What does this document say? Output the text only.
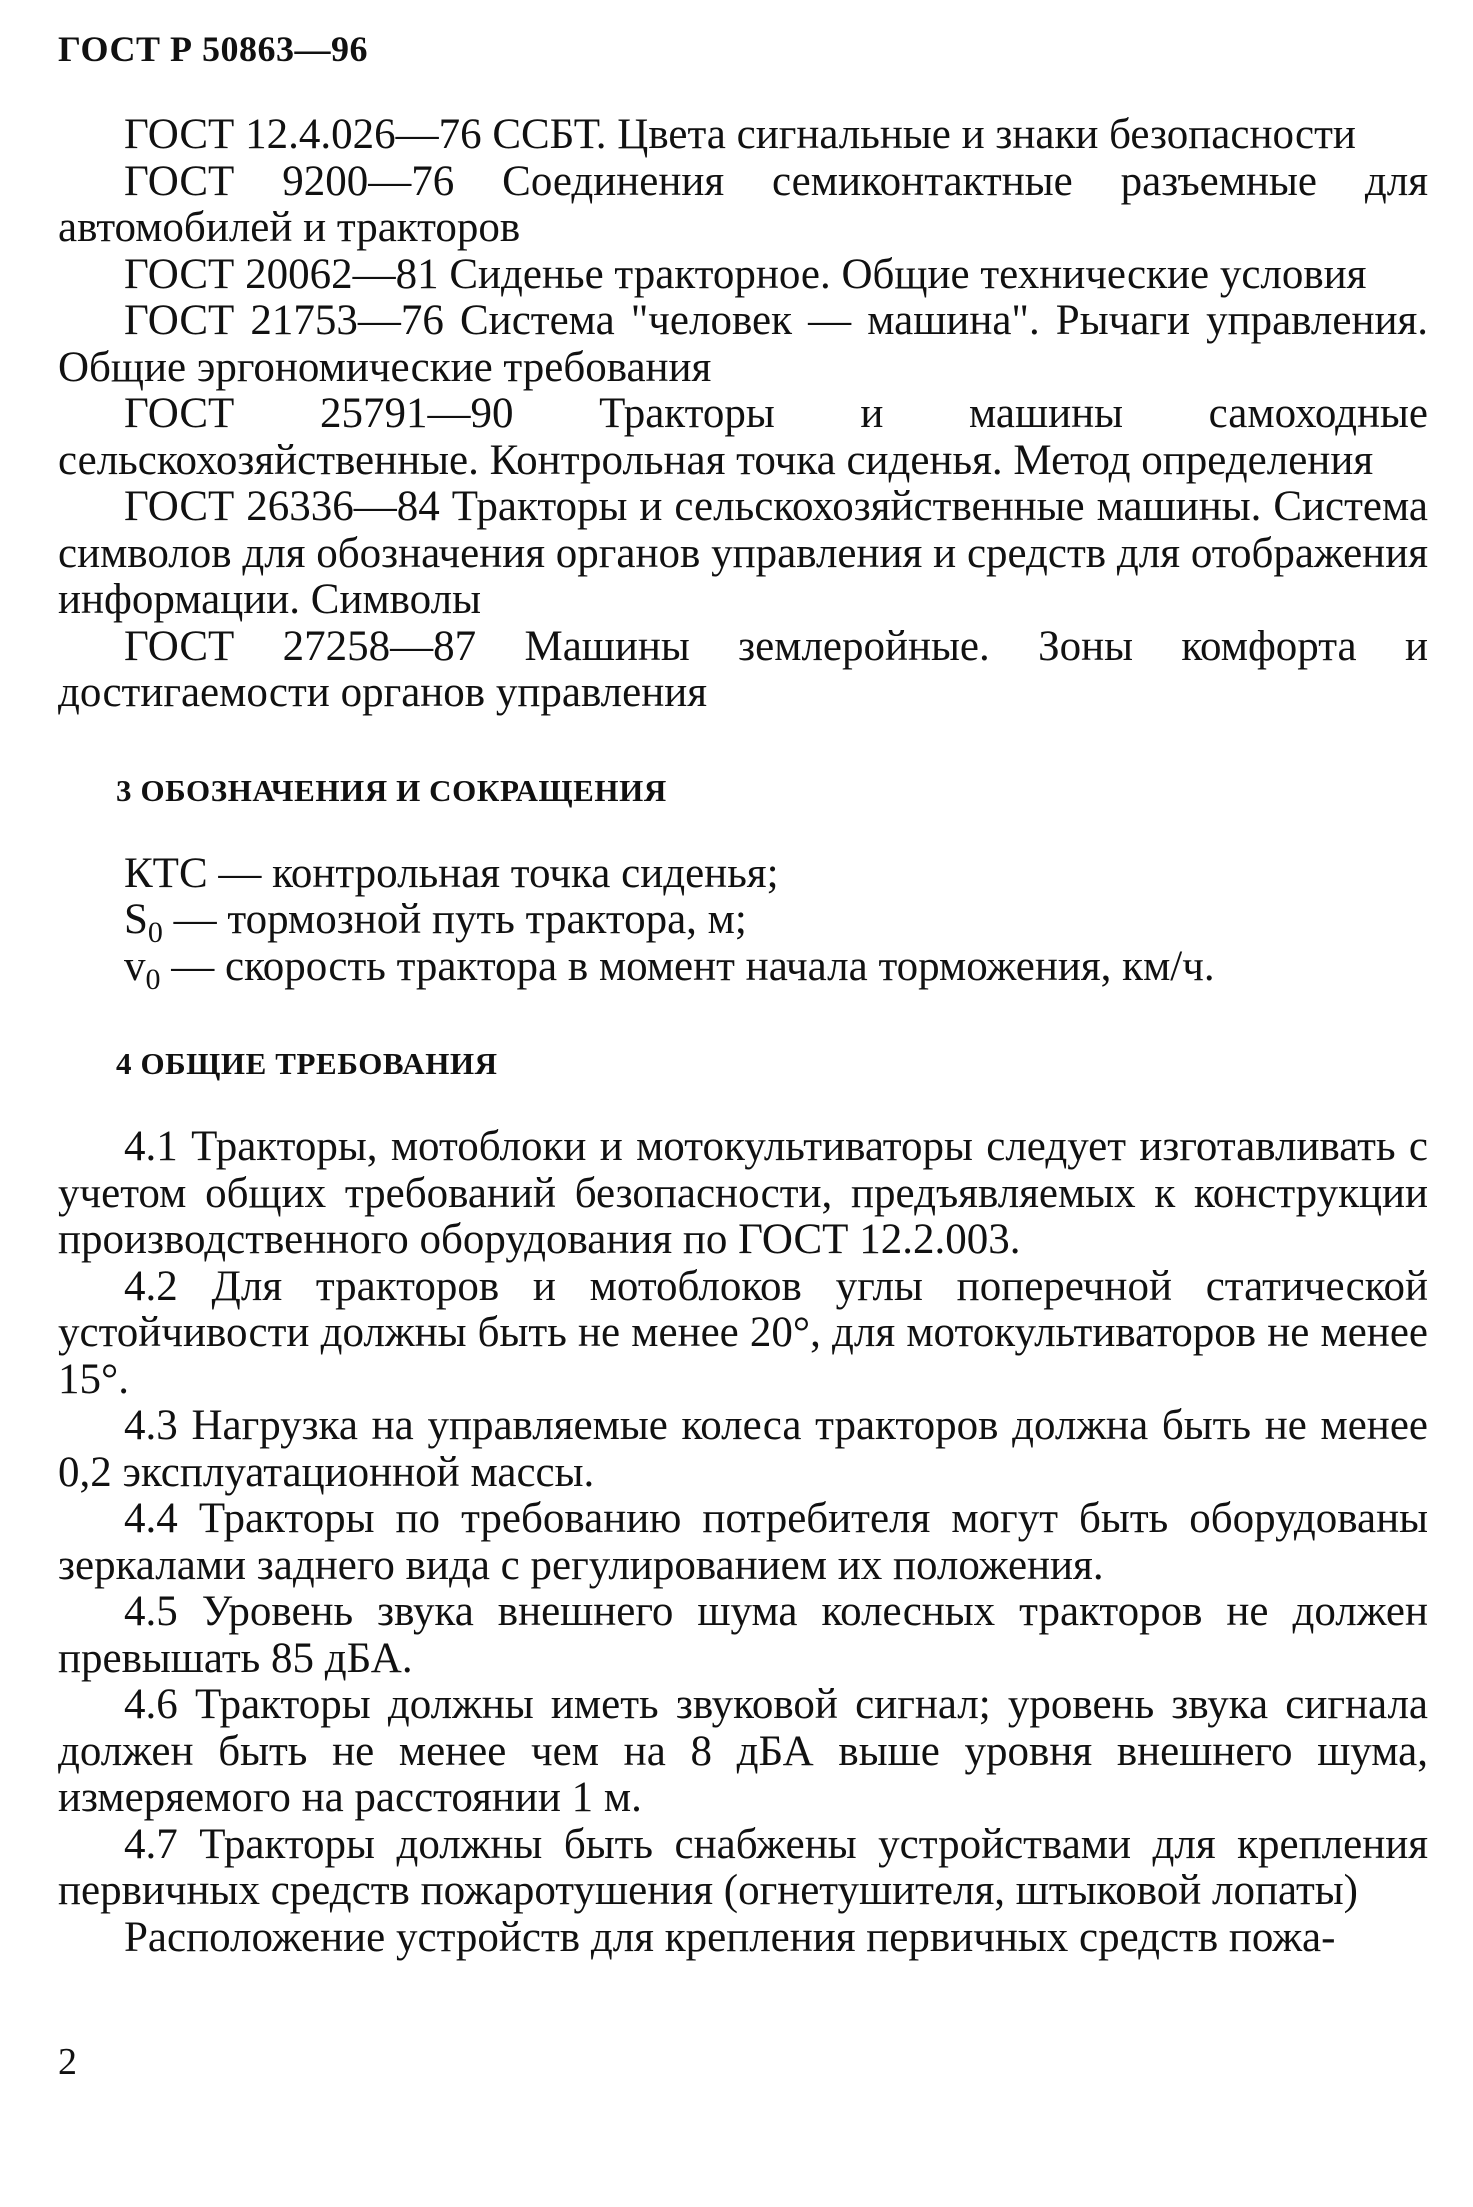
ГОСТ Р 50863—96

ГОСТ 12.4.026—76 ССБТ. Цвета сигнальные и знаки безопасности

ГОСТ 9200—76 Соединения семиконтактные разъемные для автомобилей и тракторов

ГОСТ 20062—81 Сиденье тракторное. Общие технические условия

ГОСТ 21753—76 Система "человек — машина". Рычаги управления. Общие эргономические требования

ГОСТ 25791—90 Тракторы и машины самоходные сельскохозяйственные. Контрольная точка сиденья. Метод определения

ГОСТ 26336—84 Тракторы и сельскохозяйственные машины. Система символов для обозначения органов управления и средств для отображения информации. Символы

ГОСТ 27258—87 Машины землеройные. Зоны комфорта и достигаемости органов управления

3 ОБОЗНАЧЕНИЯ И СОКРАЩЕНИЯ
КТС — контрольная точка сиденья;
$S_0$ — тормозной путь трактора, м;
$v_0$ — скорость трактора в момент начала торможения, км/ч.
4 ОБЩИЕ ТРЕБОВАНИЯ

4.1 Тракторы, мотоблоки и мотокультиваторы следует изготавливать с учетом общих требований безопасности, предъявляемых к конструкции производственного оборудования по ГОСТ 12.2.003.

4.2 Для тракторов и мотоблоков углы поперечной статической устойчивости должны быть не менее 20°, для мотокультиваторов не менее 15°.

4.3 Нагрузка на управляемые колеса тракторов должна быть не менее 0,2 эксплуатационной массы.

4.4 Тракторы по требованию потребителя могут быть оборудованы зеркалами заднего вида с регулированием их положения.

4.5 Уровень звука внешнего шума колесных тракторов не должен превышать 85 дБА.

4.6 Тракторы должны иметь звуковой сигнал; уровень звука сигнала должен быть не менее чем на 8 дБА выше уровня внешнего шума, измеряемого на расстоянии 1 м.

4.7 Тракторы должны быть снабжены устройствами для крепления первичных средств пожаротушения (огнетушителя, штыковой лопаты)

Расположение устройств для крепления первичных средств пожа-

2
